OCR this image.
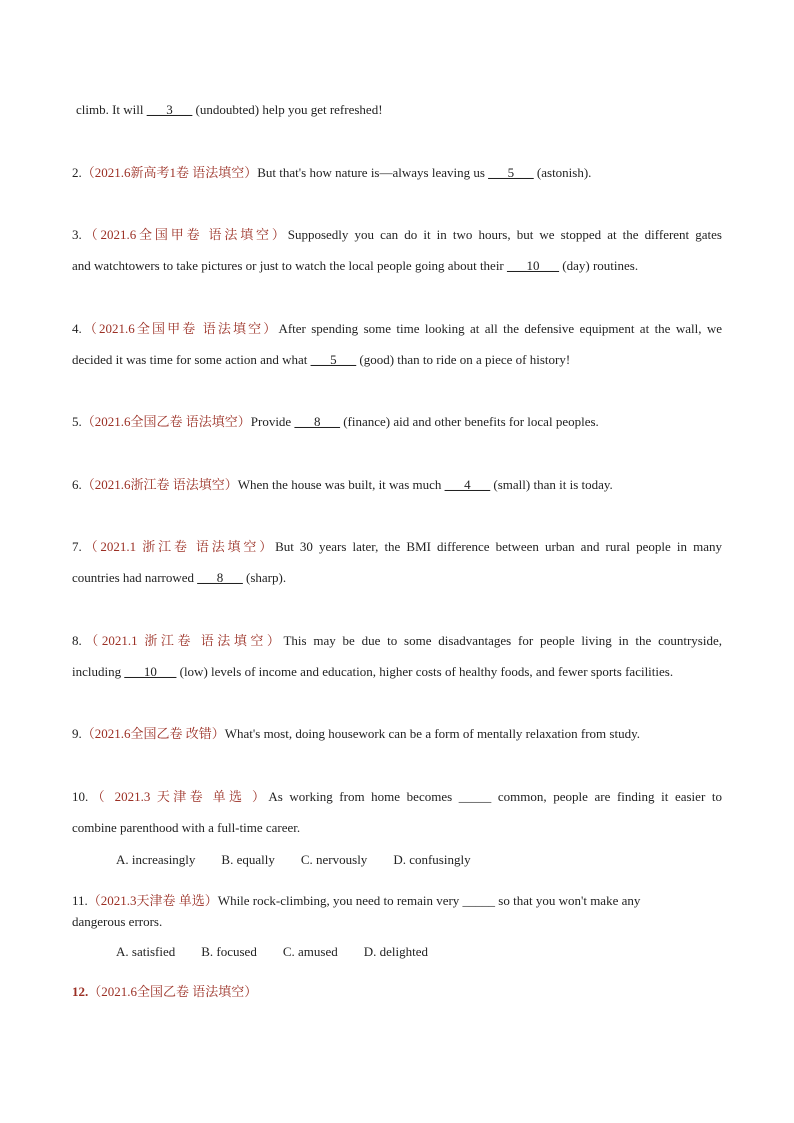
climb. It will ___3___ (undoubted) help you get refreshed!
2.（2021.6新高考1卷 语法填空）But that's how nature is—always leaving us ___5___ (astonish).
3.（2021.6全国甲卷 语法填空）Supposedly you can do it in two hours, but we stopped at the different gates
and watchtowers to take pictures or just to watch the local people going about their ___10___ (day) routines.
4.（2021.6全国甲卷 语法填空）After spending some time looking at all the defensive equipment at the wall, we
decided it was time for some action and what ___5___ (good) than to ride on a piece of history!
5.（2021.6全国乙卷 语法填空）Provide ___8___ (finance) aid and other benefits for local peoples.
6.（2021.6浙江卷 语法填空）When the house was built, it was much ___4___ (small) than it is today.
7.（2021.1 浙江卷 语法填空）But 30 years later, the BMI difference between urban and rural people in many
countries had narrowed ___8___ (sharp).
8.（2021.1 浙江卷 语法填空）This may be due to some disadvantages for people living in the countryside,
including ___10___ (low) levels of income and education, higher costs of healthy foods, and fewer sports facilities.
9.（2021.6全国乙卷 改错）What's most, doing housework can be a form of mentally relaxation from study.
10.（ 2021.3 天津卷 单选 ）As working from home becomes _____ common, people are finding it easier to
combine parenthood with a full-time career.
A. increasingly B. equally C. nervously D. confusingly
11.（2021.3天津卷 单选）While rock-climbing, you need to remain very _____ so that you won't make any
dangerous errors.
A. satisfied B. focused C. amused D. delighted
12.（2021.6全国乙卷 语法填空）
